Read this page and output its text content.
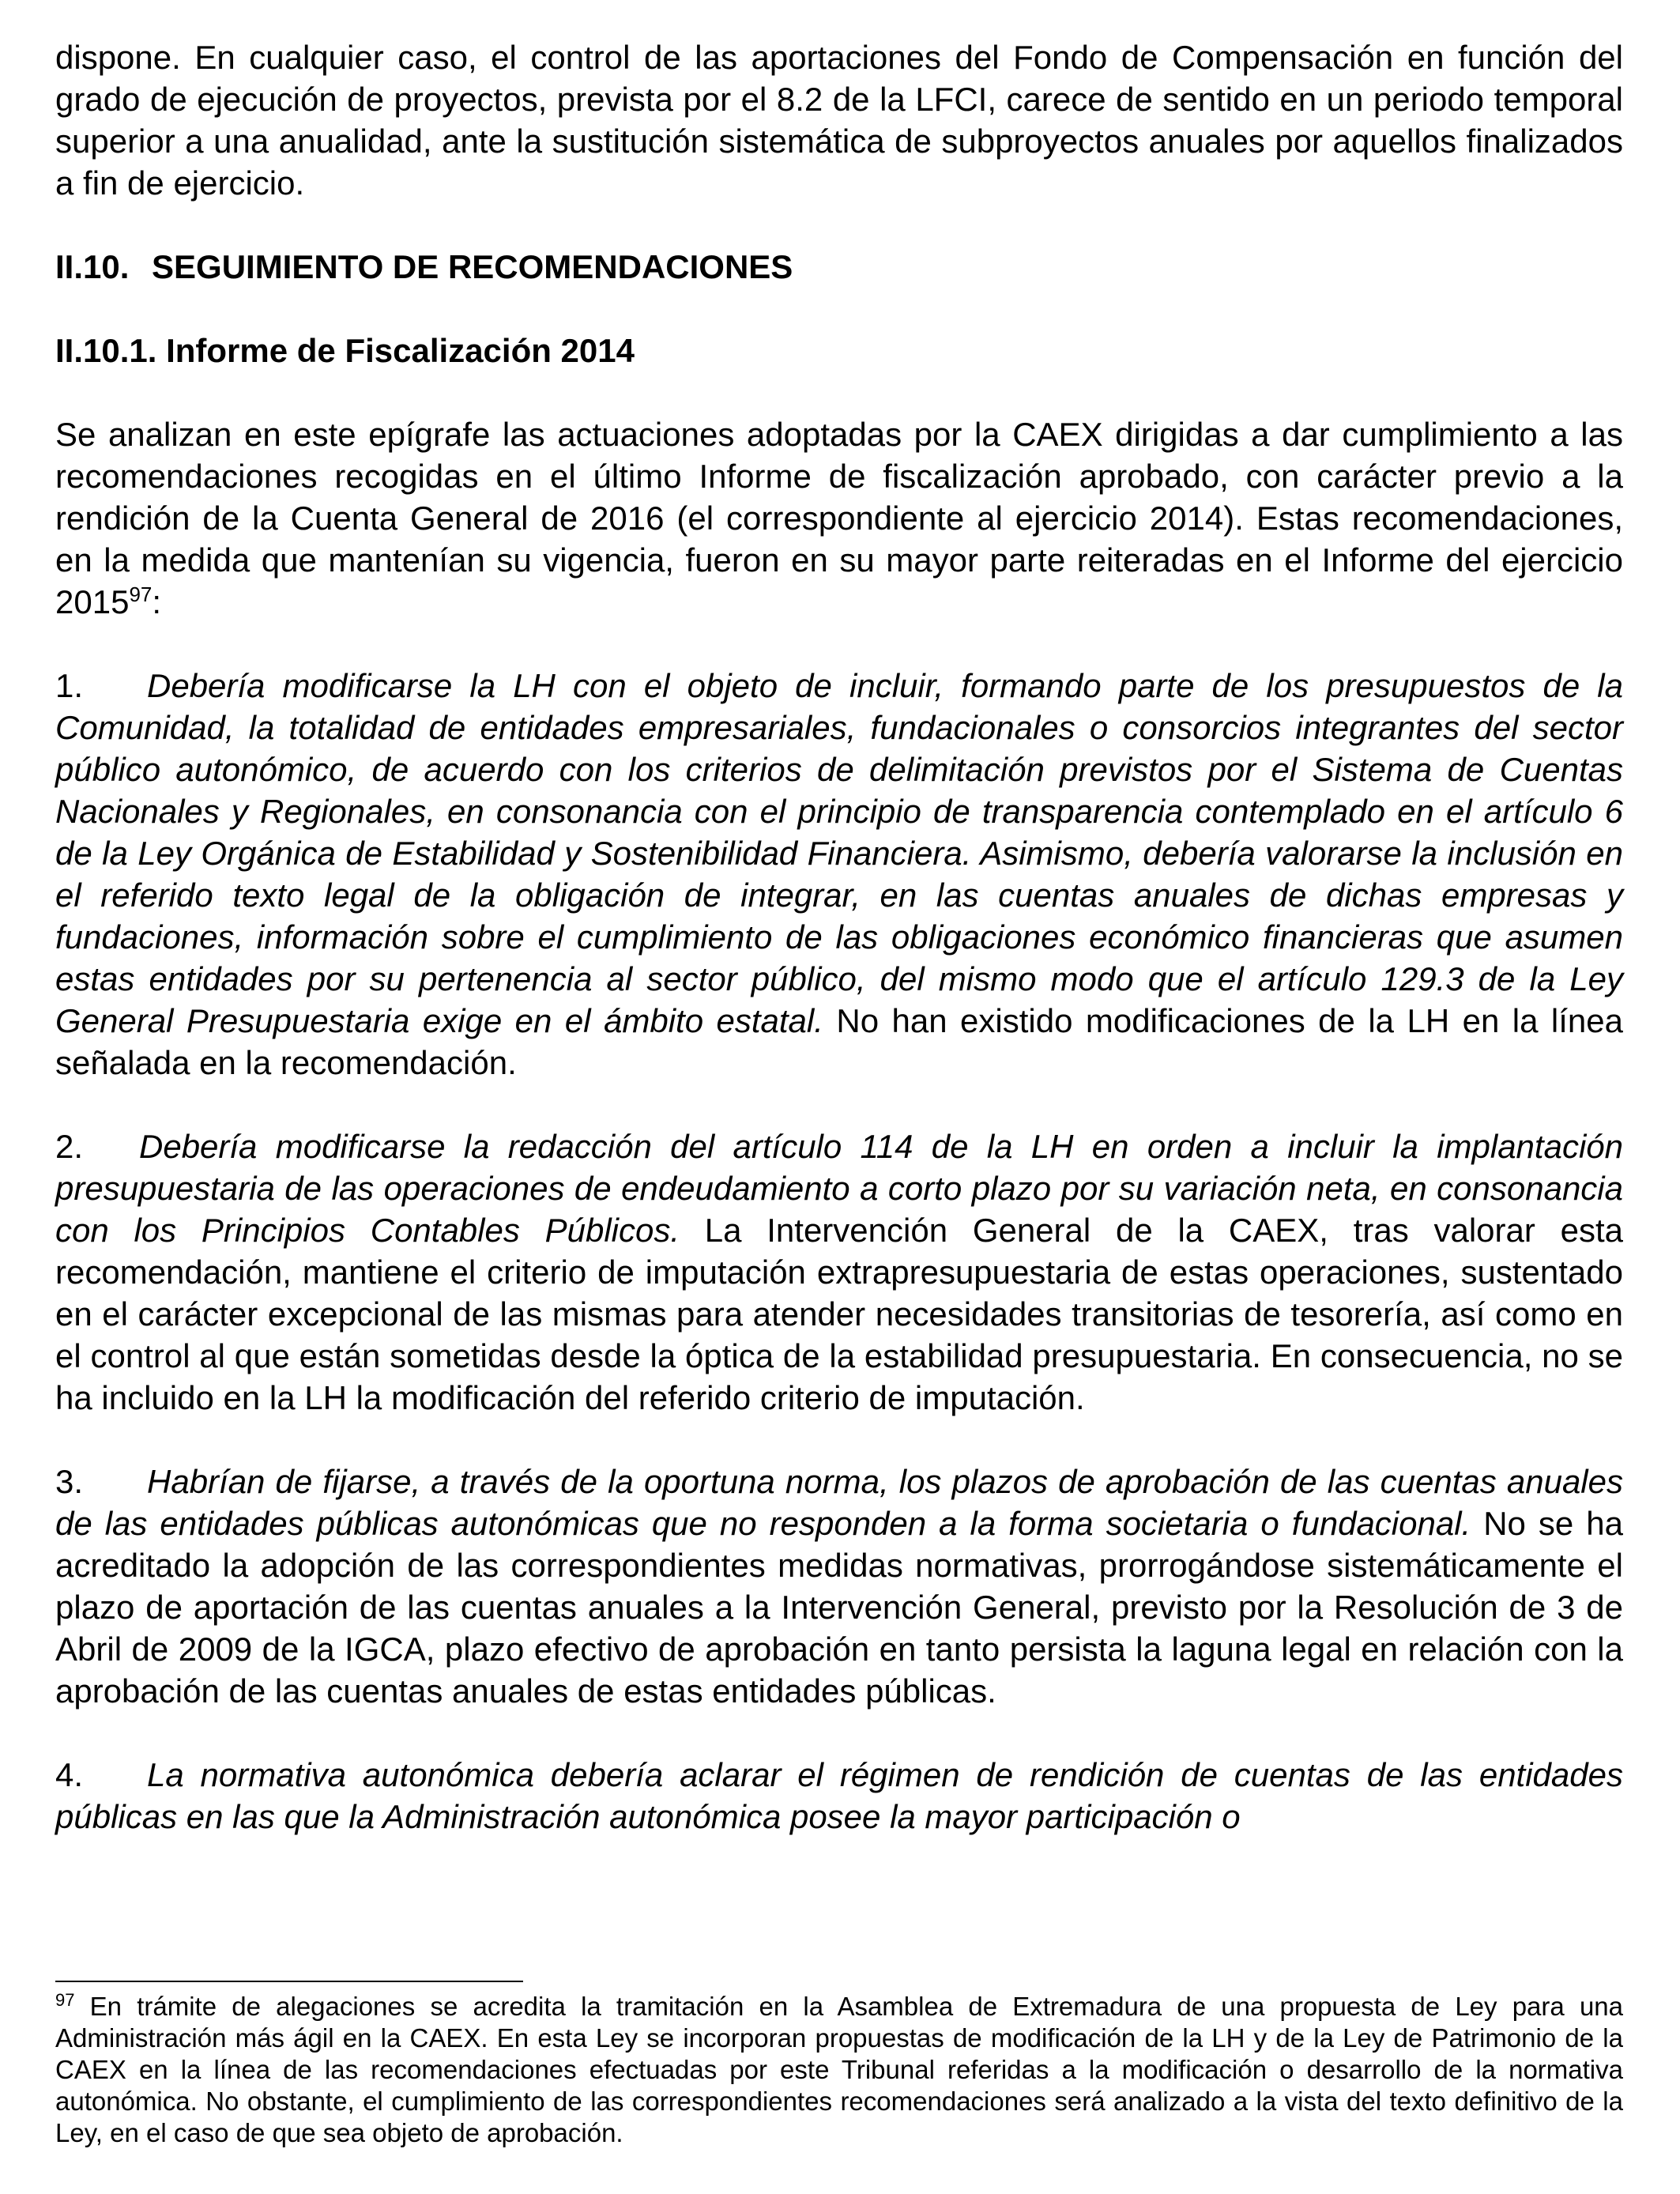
dispone. En cualquier caso, el control de las aportaciones del Fondo de Compensación en función del grado de ejecución de proyectos, prevista por el 8.2 de la LFCI, carece de sentido en un periodo temporal superior a una anualidad, ante la sustitución sistemática de subproyectos anuales por aquellos finalizados a fin de ejercicio.

II.10. SEGUIMIENTO DE RECOMENDACIONES
II.10.1. Informe de Fiscalización 2014

Se analizan en este epígrafe las actuaciones adoptadas por la CAEX dirigidas a dar cumplimiento a las recomendaciones recogidas en el último Informe de fiscalización aprobado, con carácter previo a la rendición de la Cuenta General de 2016 (el correspondiente al ejercicio 2014). Estas recomendaciones, en la medida que mantenían su vigencia, fueron en su mayor parte reiteradas en el Informe del ejercicio 2015$^{97}$:

1. Debería modificarse la LH con el objeto de incluir, formando parte de los presupuestos de la Comunidad, la totalidad de entidades empresariales, fundacionales o consorcios integrantes del sector público autonómico, de acuerdo con los criterios de delimitación previstos por el Sistema de Cuentas Nacionales y Regionales, en consonancia con el principio de transparencia contemplado en el artículo 6 de la Ley Orgánica de Estabilidad y Sostenibilidad Financiera. Asimismo, debería valorarse la inclusión en el referido texto legal de la obligación de integrar, en las cuentas anuales de dichas empresas y fundaciones, información sobre el cumplimiento de las obligaciones económico financieras que asumen estas entidades por su pertenencia al sector público, del mismo modo que el artículo 129.3 de la Ley General Presupuestaria exige en el ámbito estatal. No han existido modificaciones de la LH en la línea señalada en la recomendación.

2. Debería modificarse la redacción del artículo 114 de la LH en orden a incluir la implantación presupuestaria de las operaciones de endeudamiento a corto plazo por su variación neta, en consonancia con los Principios Contables Públicos. La Intervención General de la CAEX, tras valorar esta recomendación, mantiene el criterio de imputación extrapresupuestaria de estas operaciones, sustentado en el carácter excepcional de las mismas para atender necesidades transitorias de tesorería, así como en el control al que están sometidas desde la óptica de la estabilidad presupuestaria. En consecuencia, no se ha incluido en la LH la modificación del referido criterio de imputación.

3. Habrían de fijarse, a través de la oportuna norma, los plazos de aprobación de las cuentas anuales de las entidades públicas autonómicas que no responden a la forma societaria o fundacional. No se ha acreditado la adopción de las correspondientes medidas normativas, prorrogándose sistemáticamente el plazo de aportación de las cuentas anuales a la Intervención General, previsto por la Resolución de 3 de Abril de 2009 de la IGCA, plazo efectivo de aprobación en tanto persista la laguna legal en relación con la aprobación de las cuentas anuales de estas entidades públicas.

4. La normativa autonómica debería aclarar el régimen de rendición de cuentas de las entidades públicas en las que la Administración autonómica posee la mayor participación o

$^{97}$ En trámite de alegaciones se acredita la tramitación en la Asamblea de Extremadura de una propuesta de Ley para una Administración más ágil en la CAEX. En esta Ley se incorporan propuestas de modificación de la LH y de la Ley de Patrimonio de la CAEX en la línea de las recomendaciones efectuadas por este Tribunal referidas a la modificación o desarrollo de la normativa autonómica. No obstante, el cumplimiento de las correspondientes recomendaciones será analizado a la vista del texto definitivo de la Ley, en el caso de que sea objeto de aprobación.
